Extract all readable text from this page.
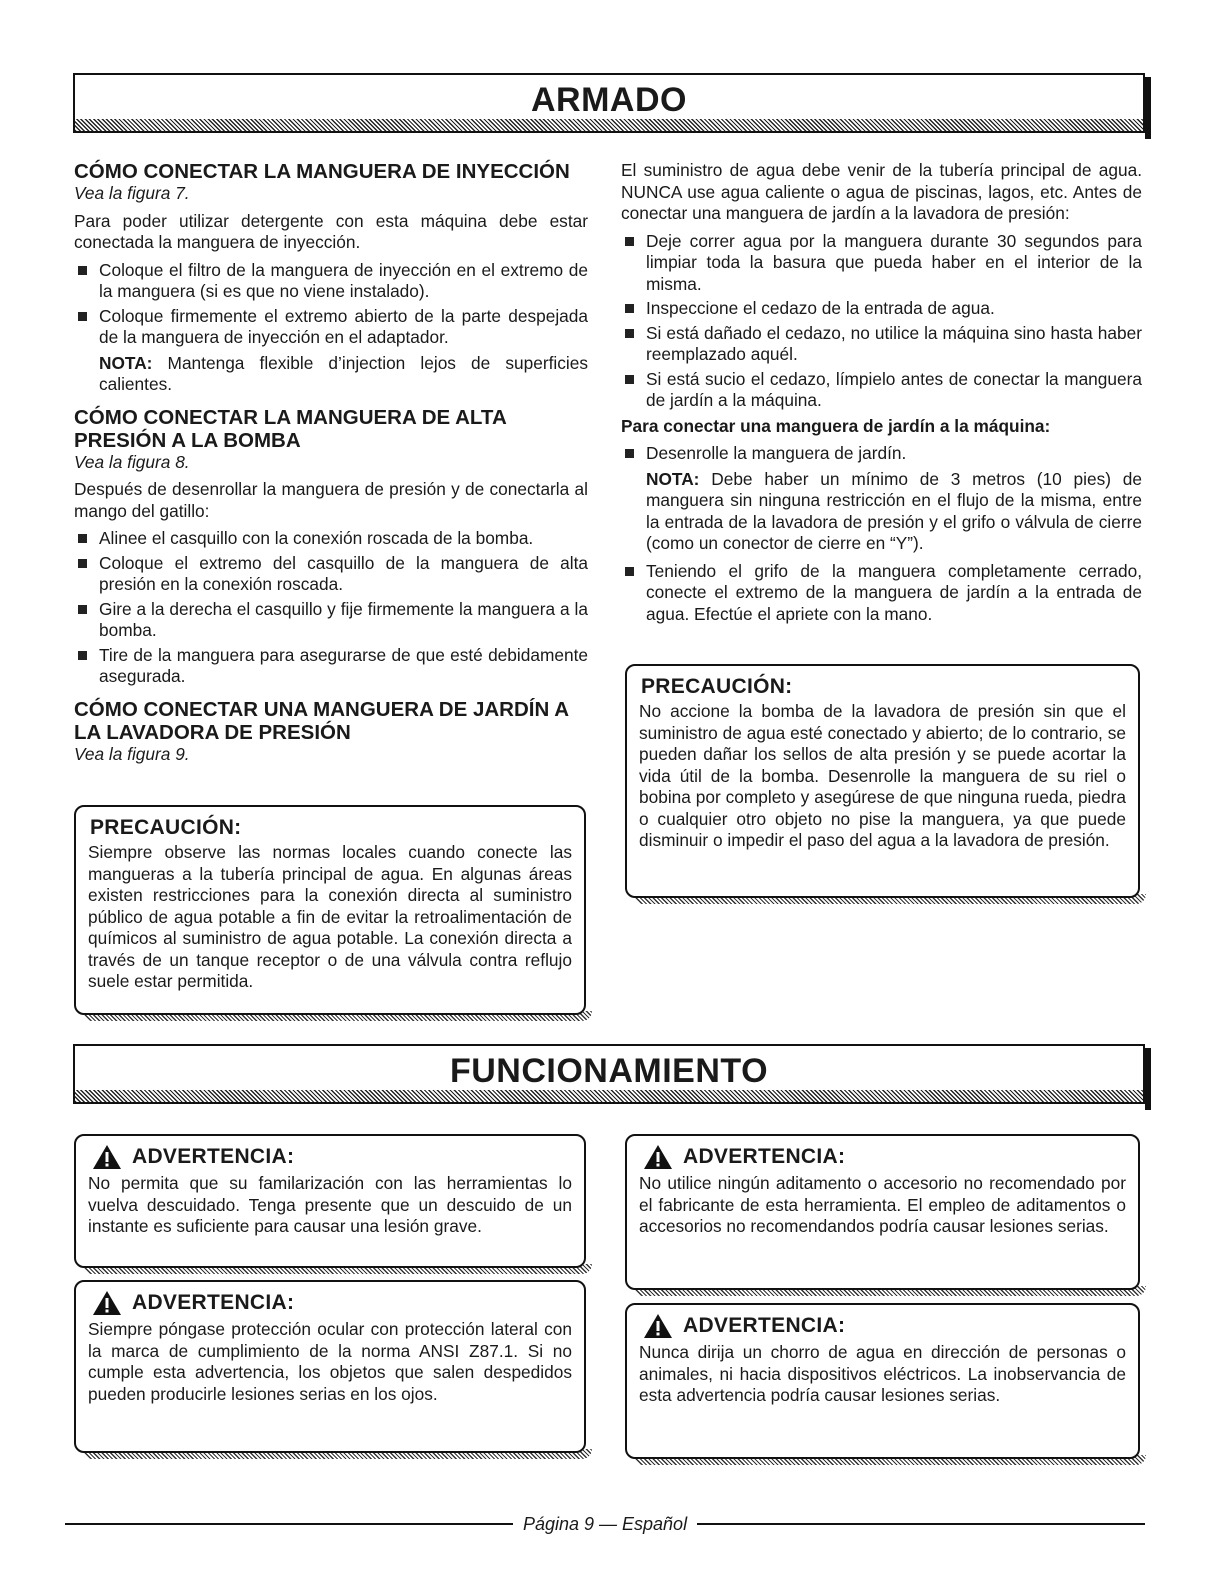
ARMADO
CÓMO CONECTAR LA MANGUERA DE INYECCIÓN

Vea la figura 7.

Para poder utilizar detergente con esta máquina debe estar conectada la manguera de inyección.

Coloque el filtro de la manguera de inyección en el extremo de la manguera (si es que no viene instalado).
Coloque firmemente el extremo abierto de la parte despejada de la manguera de inyección en el adaptador.

NOTA: Mantenga flexible d’injection lejos de superficies calientes.

CÓMO CONECTAR LA MANGUERA DE ALTA PRESIÓN A LA BOMBA

Vea la figura 8.

Después de desenrollar la manguera de presión y de conectarla al mango del gatillo:

Alinee el casquillo con la conexión roscada de la bomba.
Coloque el extremo del casquillo de la manguera de alta presión en la conexión roscada.
Gire a la derecha el casquillo y fije firmemente la manguera a la bomba.
Tire de la manguera para asegurarse de que esté debidamente asegurada.
CÓMO CONECTAR UNA MANGUERA DE JARDÍN A LA LAVADORA DE PRESIÓN

Vea la figura 9.

PRECAUCIÓN:

Siempre observe las normas locales cuando conecte las mangueras a la tubería principal de agua. En algunas áreas existen restricciones para la conexión directa al suministro público de agua potable a fin de evitar la retroalimentación de químicos al suministro de agua potable. La conexión directa a través de un tanque receptor o de una válvula contra reflujo suele estar permitida.

El suministro de agua debe venir de la tubería principal de agua. NUNCA use agua caliente o agua de piscinas, lagos, etc. Antes de conectar una manguera de jardín a la lavadora de presión:

Deje correr agua por la manguera durante 30 segundos para limpiar toda la basura que pueda haber en el interior de la misma.
Inspeccione el cedazo de la entrada de agua.
Si está dañado el cedazo, no utilice la máquina sino hasta haber reemplazado aquél.
Si está sucio el cedazo, límpielo antes de conectar la manguera de jardín a la máquina.

Para conectar una manguera de jardín a la máquina:

Desenrolle la manguera de jardín.

NOTA: Debe haber un mínimo de 3 metros (10 pies) de manguera sin ninguna restricción en el flujo de la misma, entre la entrada de la lavadora de presión y el grifo o válvula de cierre (como un conector de cierre en “Y”).

Teniendo el grifo de la manguera completamente cerrado, conecte el extremo de la manguera de jardín a la entrada de agua. Efectúe el apriete con la mano.
PRECAUCIÓN:

No accione la bomba de la lavadora de presión sin que el suministro de agua esté conectado y abierto; de lo contrario, se pueden dañar los sellos de alta presión y se puede acortar la vida útil de la bomba. Desenrolle la manguera de su riel o bobina por completo y asegúrese de que ninguna rueda, piedra o cualquier otro objeto no pise la manguera, ya que puede disminuir o impedir el paso del agua a la lavadora de presión.

FUNCIONAMIENTO
ADVERTENCIA:

No permita que su familarización con las herramientas lo vuelva descuidado. Tenga presente que un descuido de un instante es suficiente para causar una lesión grave.

ADVERTENCIA:

Siempre póngase protección ocular con protección lateral con la marca de cumplimiento de la norma ANSI Z87.1. Si no cumple esta advertencia, los objetos que salen despedidos pueden producirle lesiones serias en los ojos.

ADVERTENCIA:

No utilice ningún aditamento o accesorio no recomendado por el fabricante de esta herramienta. El empleo de aditamentos o accesorios no recomendandos podría causar lesiones serias.

ADVERTENCIA:

Nunca dirija un chorro de agua en dirección de personas o animales, ni hacia dispositivos eléctricos. La inobservancia de esta advertencia podría causar lesiones serias.

Página 9 — Español
